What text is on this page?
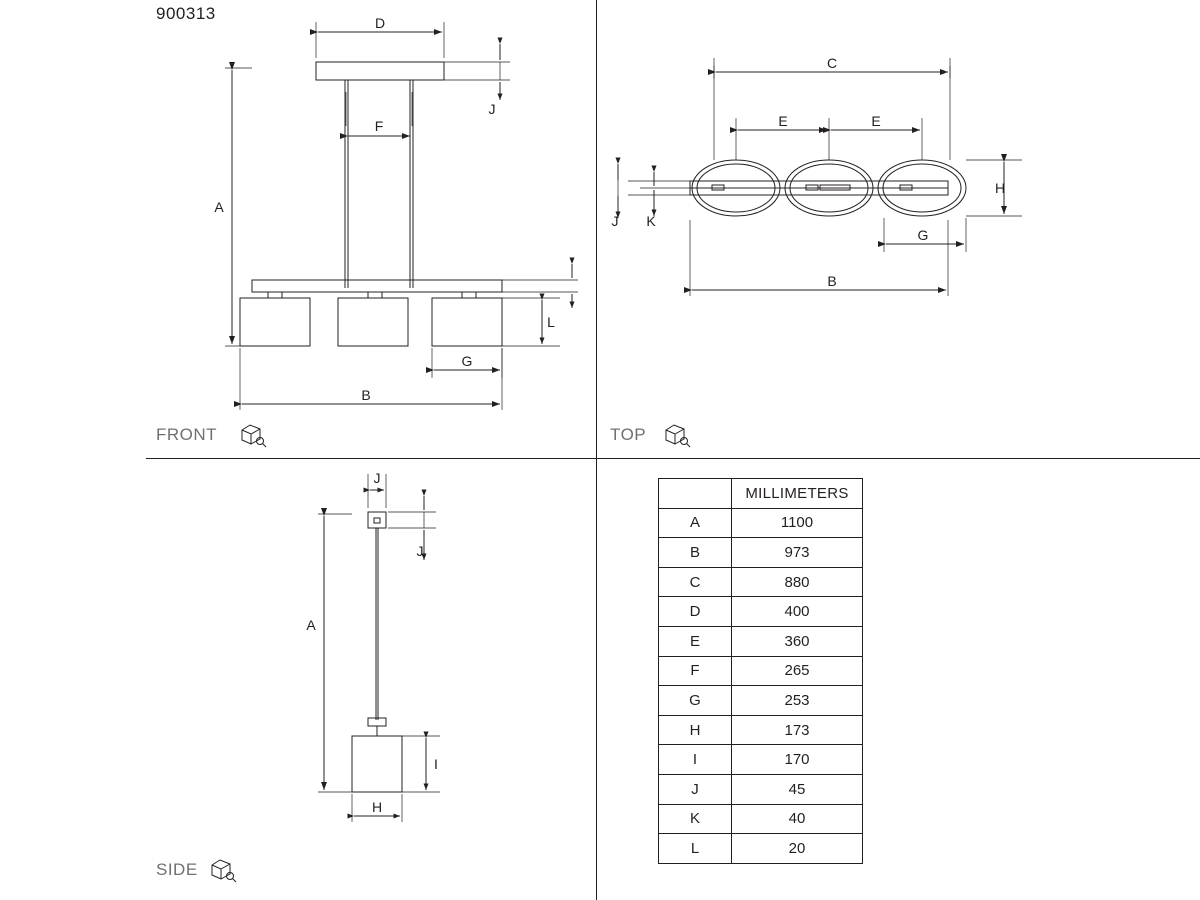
900313	D
J
F
A
L
G
B
C
E	E
H
G
J K
B
J
J
A
I
H
FRONT	TOP
SIDE
	MILLIMETERS
A	1100
B	973
C	880
D	400
E	360
F	265
G	253
H	173
I	170
J	45
K	40
L	20
